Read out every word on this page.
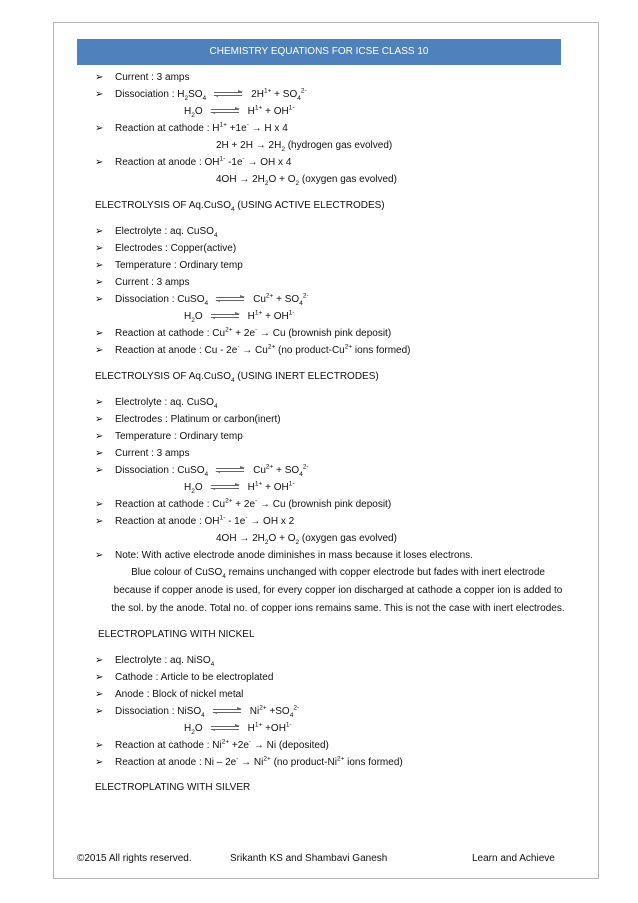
CHEMISTRY EQUATIONS FOR ICSE CLASS 10
➢ Current : 3 amps
➢ Dissociation : $H_2SO_4$	$2H^{1+} + SO_4^{2-}$
$H_2O$	$H^{1+} + OH^{1-}$
➢ Reaction at cathode : $H^{1+} +1e^- \to H$ x 4
$2H + 2H \to 2H_2$ (hydrogen gas evolved)
➢ Reaction at anode : $OH^{1-}$ -1e- → OH x 4
$4OH \to 2H_2O + O_2$ (oxygen gas evolved)
ELECTROLYSIS OF Aq.CuSO$_4$ (USING ACTIVE ELECTRODES)
➢ Electrolyte : aq. CuSO$_4$
➢ Electrodes : Copper(active)
➢ Temperature : Ordinary temp
➢ Current : 3 amps
➢ Dissociation : CuSO$_4$	$Cu^{2+} + SO_4^{2-}$
$H_2O$	$H^{1+} + OH^{1-}$
➢ Reaction at cathode : $Cu^{2+} + 2e^- \to Cu$ (brownish pink deposit)
➢ Reaction at anode : $Cu - 2e^- \to Cu^{2+}$ (no product-$Cu^{2+}$ ions formed)
ELECTROLYSIS OF Aq.CuSO$_4$ (USING INERT ELECTRODES)
➢ Electrolyte : aq. CuSO$_4$
➢ Electrodes : Platinum or carbon(inert)
➢ Temperature : Ordinary temp
➢ Current : 3 amps
➢ Dissociation : CuSO$_4$	$Cu^{2+} + SO_4^{2-}$
$H_2O$	$H^{1+} + OH^{1-}$
➢ Reaction at cathode : $Cu^{2+} + 2e^- \to Cu$ (brownish pink deposit)
➢ Reaction at anode : $OH^{1-} - 1e^-$ → OH x 2
$4OH \to 2H_2O + O_2$ (oxygen gas evolved)
➢ Note: With active electrode anode diminishes in mass because it loses electrons.
Blue colour of CuSO$_4$ remains unchanged with copper electrode but fades with inert electrode because if copper anode is used, for every copper ion discharged at cathode a copper ion is added to the sol. by the anode. Total no. of copper ions remains same. This is not the case with inert electrodes.
ELECTROPLATING WITH NICKEL
➢ Electrolyte : aq. NiSO$_4$
➢ Cathode : Article to be electroplated
➢ Anode : Block of nickel metal
➢ Dissociation : NiSO$_4$	$Ni^{2+} +SO_4^{2-}$
$H_2O$	$H^{1+} +OH^{1-}$
➢ Reaction at cathode : $Ni^{2+} +2e^- \to Ni$ (deposited)
➢ Reaction at anode : $Ni - 2e^- \to Ni^{2+}$ (no product-$Ni^{2+}$ ions formed)
ELECTROPLATING WITH SILVER
©2015 All rights reserved.	Srikanth KS and Shambavi Ganesh	Learn and Achieve
